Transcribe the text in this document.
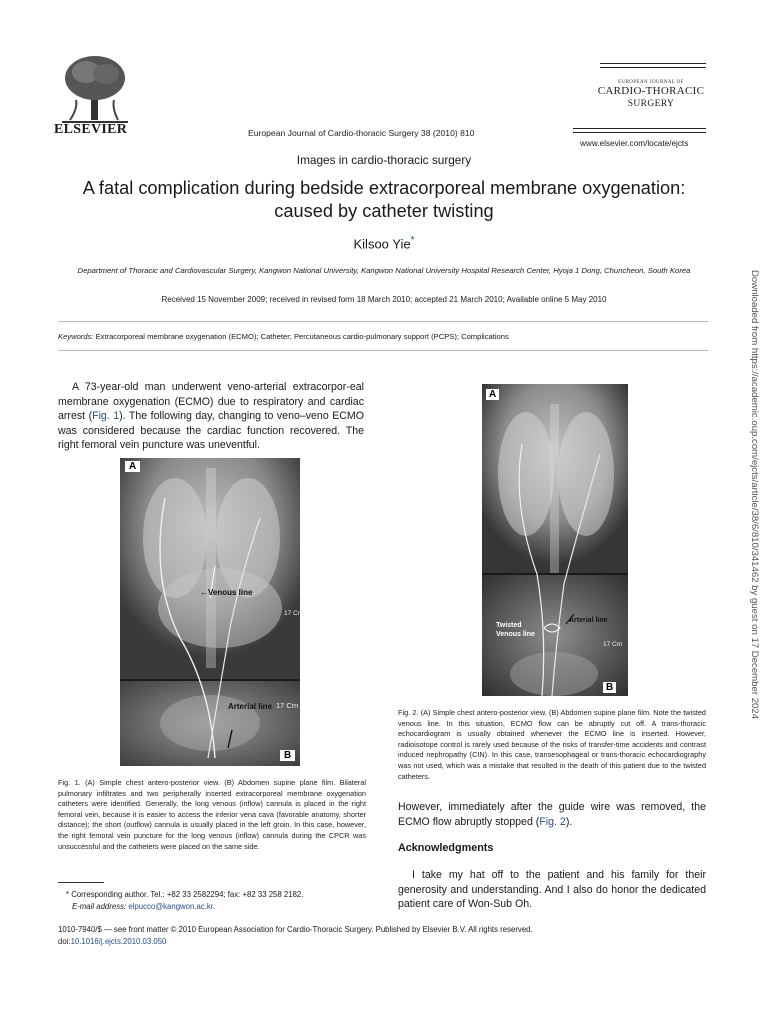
ELSEVIER	European Journal of Cardio-thoracic Surgery 38 (2010) 810
EUROPEAN JOURNAL OF
CARDIO-THORACIC
SURGERY
www.elsevier.com/locate/ejcts
Images in cardio-thoracic surgery
A fatal complication during bedside extracorporeal membrane oxygenation: caused by catheter twisting
Kilsoo Yie*
Department of Thoracic and Cardiovascular Surgery, Kangwon National University, Kangwon National University Hospital Research Center, Hyoja 1 Dong, Chuncheon, South Korea
Received 15 November 2009; received in revised form 18 March 2010; accepted 21 March 2010; Available online 5 May 2010
Keywords: Extracorporeal membrane oxygenation (ECMO); Catheter; Percutaneous cardio-pulmonary support (PCPS); Complications
A 73-year-old man underwent veno-arterial extracorpor-eal membrane oxygenation (ECMO) due to respiratory and cardiac arrest (Fig. 1). The following day, changing to veno–veno ECMO was considered because the cardiac function recovered. The right femoral vein puncture was uneventful.
A
B
←Venous line
Arterial line
17 Cr
17 Cm
Fig. 1. (A) Simple chest antero-posterior view. (B) Abdomen supine plane film. Bilateral pulmonary infiltrates and two peripherally inserted extracorporeal membrane oxygenation catheters were identified. Generally, the long venous (inflow) cannula is placed in the right femoral vein, because it is easier to access the inferior vena cava (favorable anatomy, shorter distance); the short (outflow) cannula is usually placed in the left groin. In this case, however, the right femoral vein puncture for the long venous (inflow) cannula during the CPCR was unsuccessful and the catheters were placed on the same side.
A
B
Twisted
Venous line
Arterial line
17 Cm
Fig. 2. (A) Simple chest antero-posterior view. (B) Abdomen supine plane film. Note the twisted venous line. In this situation, ECMO flow can be abruptly cut off. A trans-thoracic echocardiogram is usually obtained whenever the ECMO line is inserted. However, radioisotope control is rarely used because of the risks of transfer-time accidents and contrast induced nephropathy (CIN). In this case, transesophageal or trans-thoracic echocardiography was not used, which was a mistake that resulted in the death of this patient due to the twisted catheters.
However, immediately after the guide wire was removed, the ECMO flow abruptly stopped (Fig. 2).
Acknowledgments
I take my hat off to the patient and his family for their generosity and understanding. And I also do honor the dedicated patient care of Won-Sub Oh.
* Corresponding author. Tel.: +82 33 2582294; fax: +82 33 258 2182.
E-mail address: elpucco@kangwon.ac.kr.
1010-7940/$ — see front matter © 2010 European Association for Cardio-Thoracic Surgery. Published by Elsevier B.V. All rights reserved.
doi:10.1016/j.ejcts.2010.03.050
Downloaded from https://academic.oup.com/ejcts/article/38/6/810/341462 by guest on 17 December 2024
